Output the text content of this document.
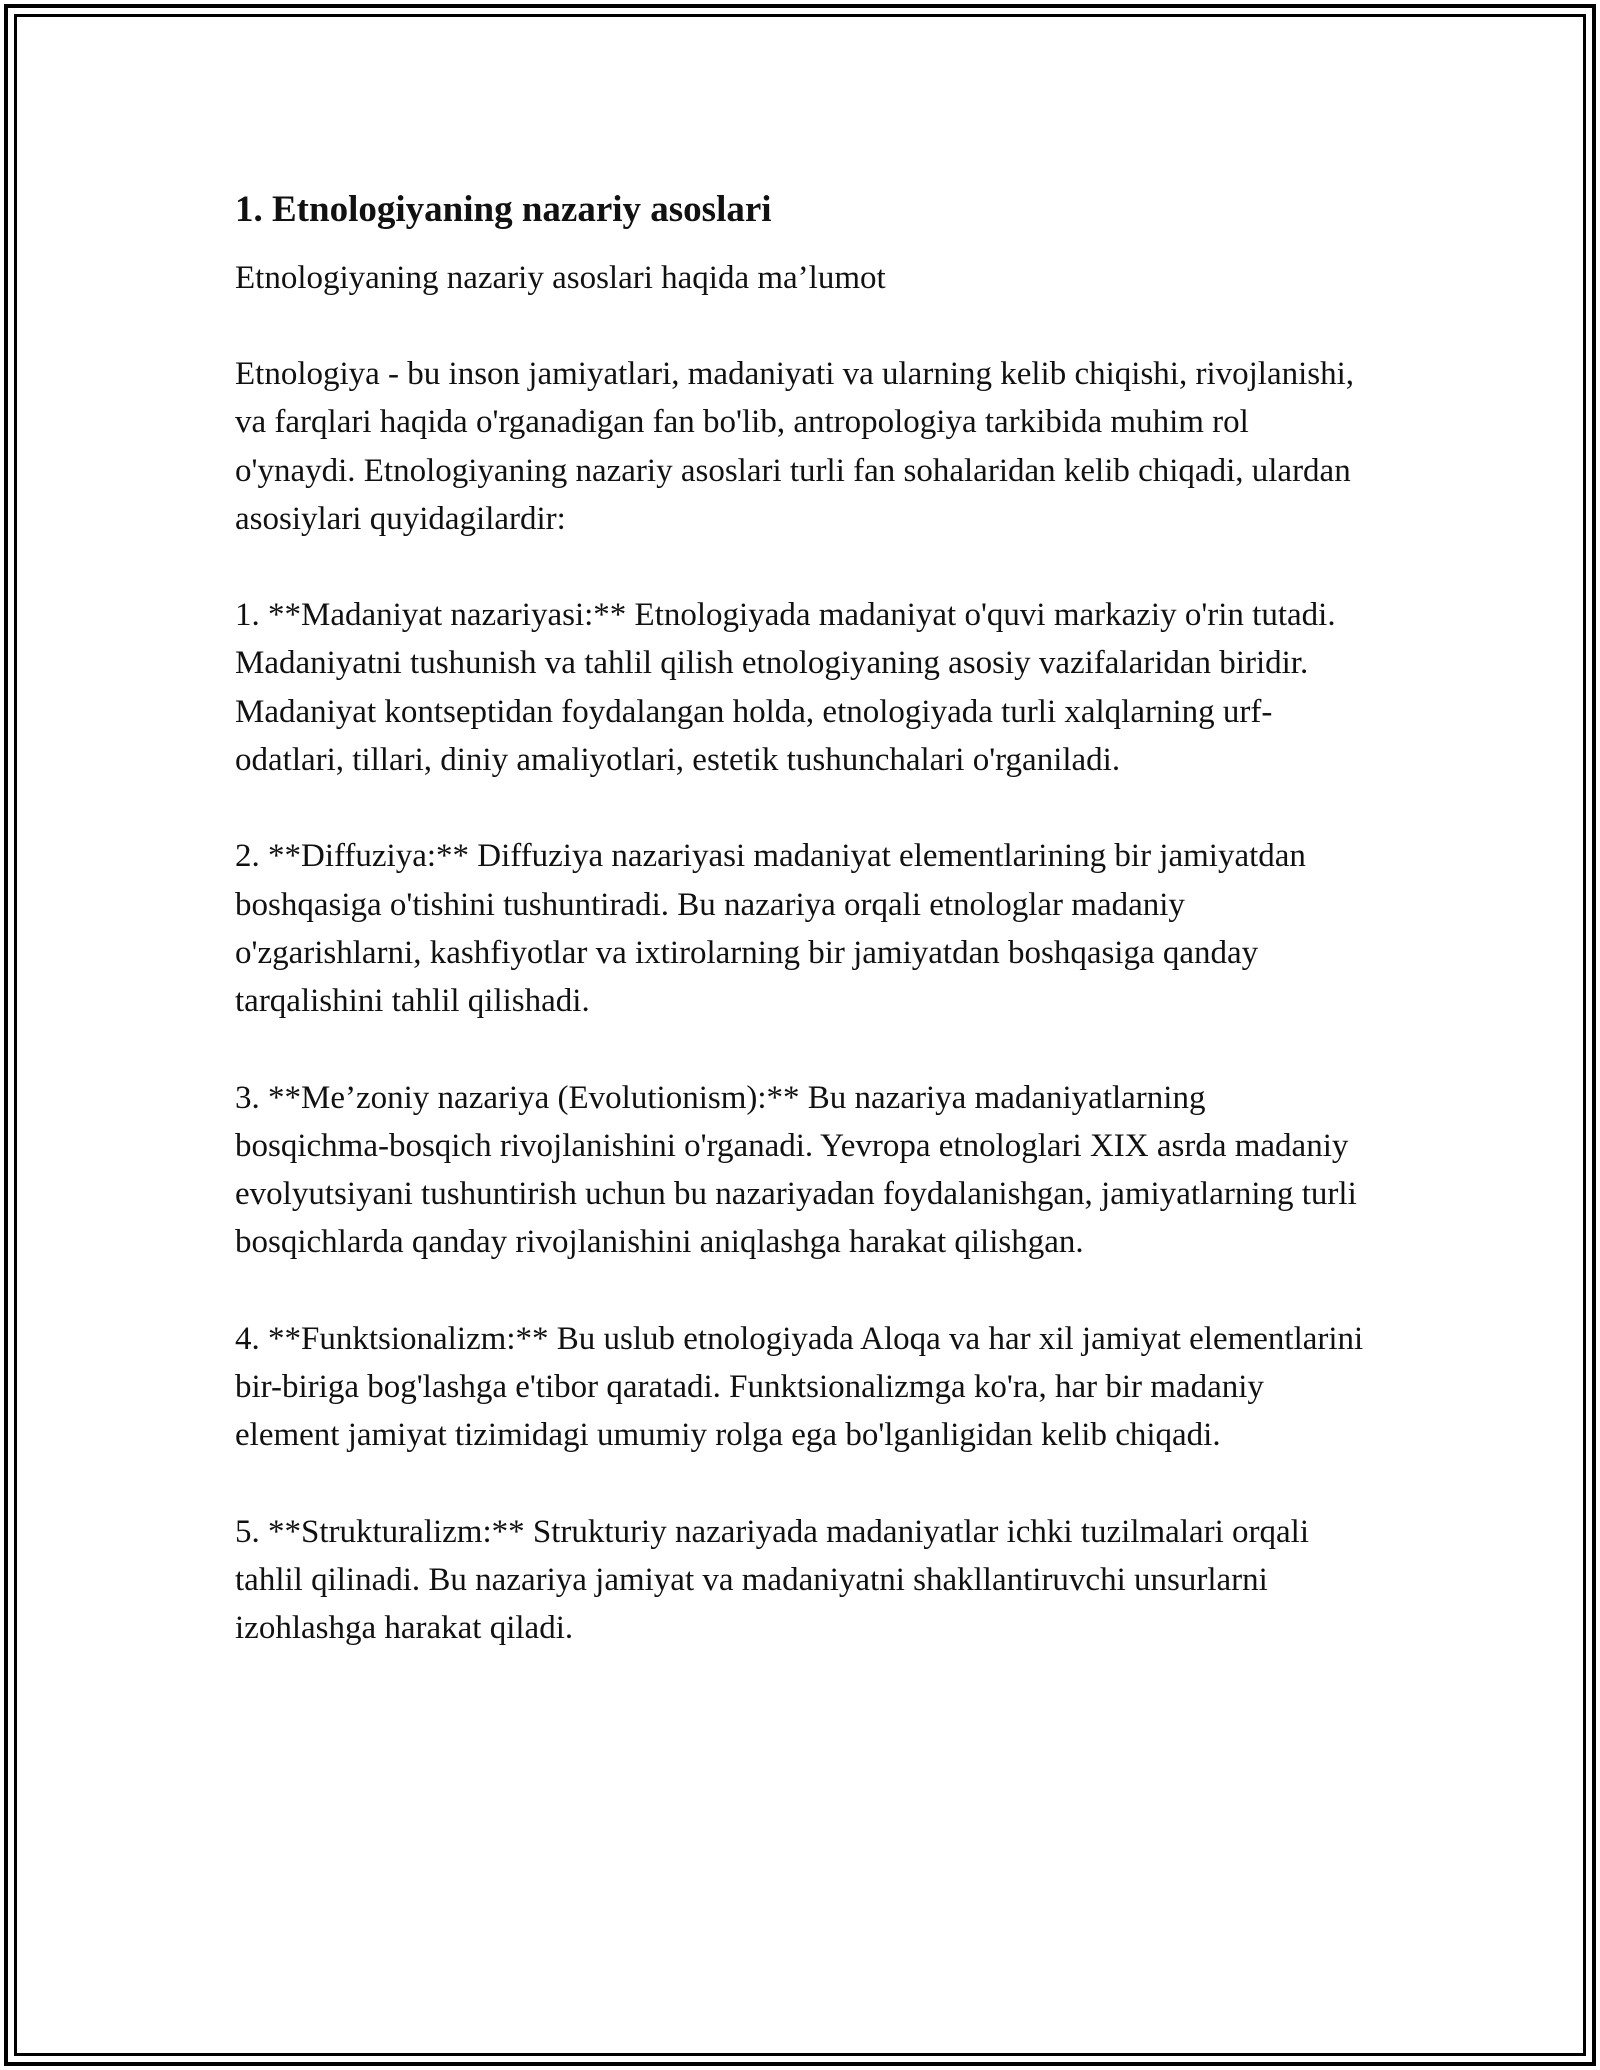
1. Etnologiyaning nazariy asoslari
Etnologiyaning nazariy asoslari haqida ma’lumot

Etnologiya - bu inson jamiyatlari, madaniyati va ularning kelib chiqishi, rivojlanishi, va farqlari haqida o'rganadigan fan bo'lib, antropologiya tarkibida muhim rol o'ynaydi. Etnologiyaning nazariy asoslari turli fan sohalaridan kelib chiqadi, ulardan asosiylari quyidagilardir:

1. **Madaniyat nazariyasi:** Etnologiyada madaniyat o'quvi markaziy o'rin tutadi. Madaniyatni tushunish va tahlil qilish etnologiyaning asosiy vazifalaridan biridir. Madaniyat kontseptidan foydalangan holda, etnologiyada turli xalqlarning urf-odatlari, tillari, diniy amaliyotlari, estetik tushunchalari o'rganiladi.

2. **Diffuziya:** Diffuziya nazariyasi madaniyat elementlarining bir jamiyatdan boshqasiga o'tishini tushuntiradi. Bu nazariya orqali etnologlar madaniy o'zgarishlarni, kashfiyotlar va ixtirolarning bir jamiyatdan boshqasiga qanday tarqalishini tahlil qilishadi.

3. **Me’zoniy nazariya (Evolutionism):** Bu nazariya madaniyatlarning bosqichma-bosqich rivojlanishini o'rganadi. Yevropa etnologlari XIX asrda madaniy evolyutsiyani tushuntirish uchun bu nazariyadan foydalanishgan, jamiyatlarning turli bosqichlarda qanday rivojlanishini aniqlashga harakat qilishgan.

4. **Funktsionalizm:** Bu uslub etnologiyada Aloqa va har xil jamiyat elementlarini bir-biriga bog'lashga e'tibor qaratadi. Funktsionalizmga ko'ra, har bir madaniy element jamiyat tizimidagi umumiy rolga ega bo'lganligidan kelib chiqadi.

5. **Strukturalizm:** Strukturiy nazariyada madaniyatlar ichki tuzilmalari orqali tahlil qilinadi. Bu nazariya jamiyat va madaniyatni shakllantiruvchi unsurlarni izohlashga harakat qiladi.
